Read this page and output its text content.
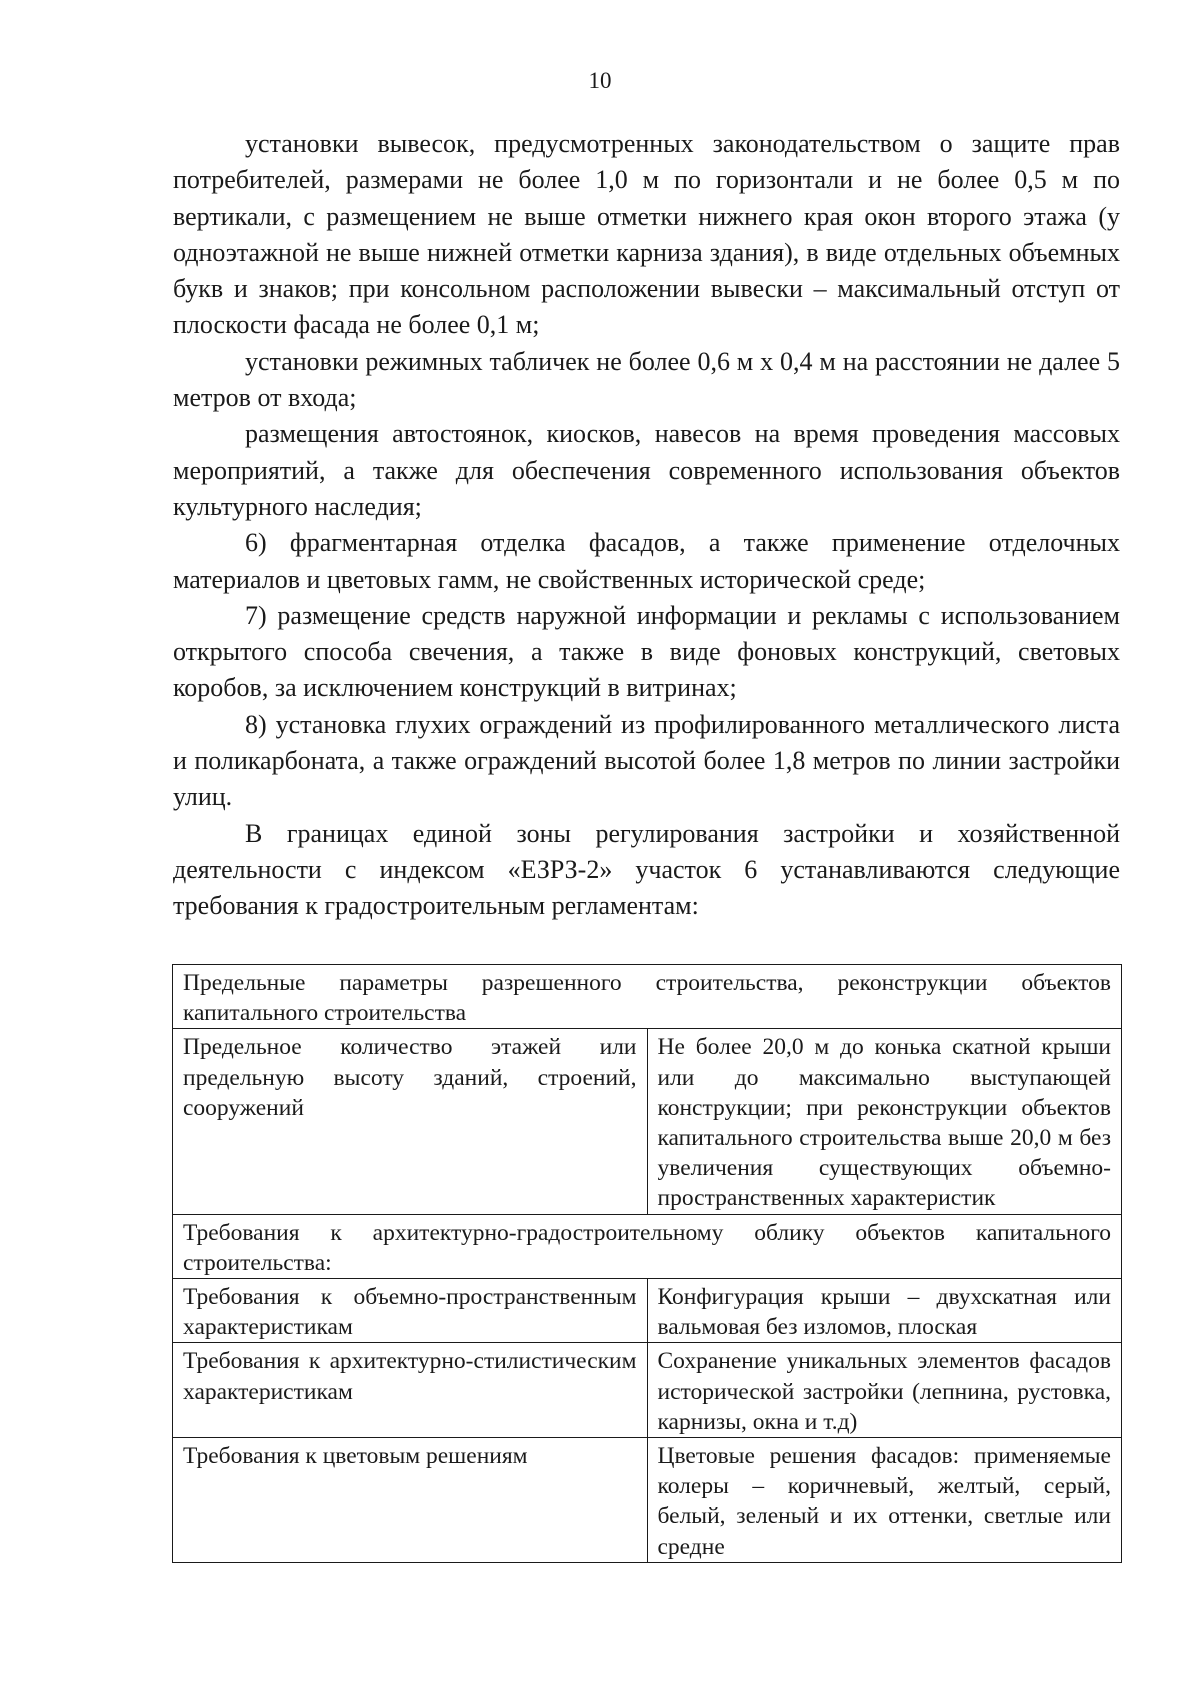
10

установки вывесок, предусмотренных законодательством о защите прав потребителей, размерами не более 1,0 м по горизонтали и не более 0,5 м по вертикали, с размещением не выше отметки нижнего края окон второго этажа (у одноэтажной не выше нижней отметки карниза здания), в виде отдельных объемных букв и знаков; при консольном расположении вывески – максимальный отступ от плоскости фасада не более 0,1 м;

установки режимных табличек не более 0,6 м х 0,4 м на расстоянии не далее 5 метров от входа;

размещения автостоянок, киосков, навесов на время проведения массовых мероприятий, а также для обеспечения современного использования объектов культурного наследия;

6) фрагментарная отделка фасадов, а также применение отделочных материалов и цветовых гамм, не свойственных исторической среде;

7) размещение средств наружной информации и рекламы с использованием открытого способа свечения, а также в виде фоновых конструкций, световых коробов, за исключением конструкций в витринах;

8) установка глухих ограждений из профилированного металлического листа и поликарбоната, а также ограждений высотой более 1,8 метров по линии застройки улиц.

В границах единой зоны регулирования застройки и хозяйственной деятельности с индексом «ЕЗРЗ-2» участок 6 устанавливаются следующие требования к градостроительным регламентам:

Предельные параметры разрешенного строительства, реконструкции объектов капитального строительства	
Предельное количество этажей или предельную высоту зданий, строений, сооружений	Не более 20,0 м до конька скатной крыши или до максимально выступающей конструкции; при реконструкции объектов капитального строительства выше 20,0 м без увеличения существующих объемно-пространственных характеристик
Требования к архитектурно-градостроительному облику объектов капитального строительства:	
Требования к объемно-пространственным характеристикам	Конфигурация крыши – двухскатная или вальмовая без изломов, плоская
Требования к архитектурно-стилистическим характеристикам	Сохранение уникальных элементов фасадов исторической застройки (лепнина, рустовка, карнизы, окна и т.д)
Требования к цветовым решениям	Цветовые решения фасадов: применяемые колеры – коричневый, желтый, серый, белый, зеленый и их оттенки, светлые или средне
